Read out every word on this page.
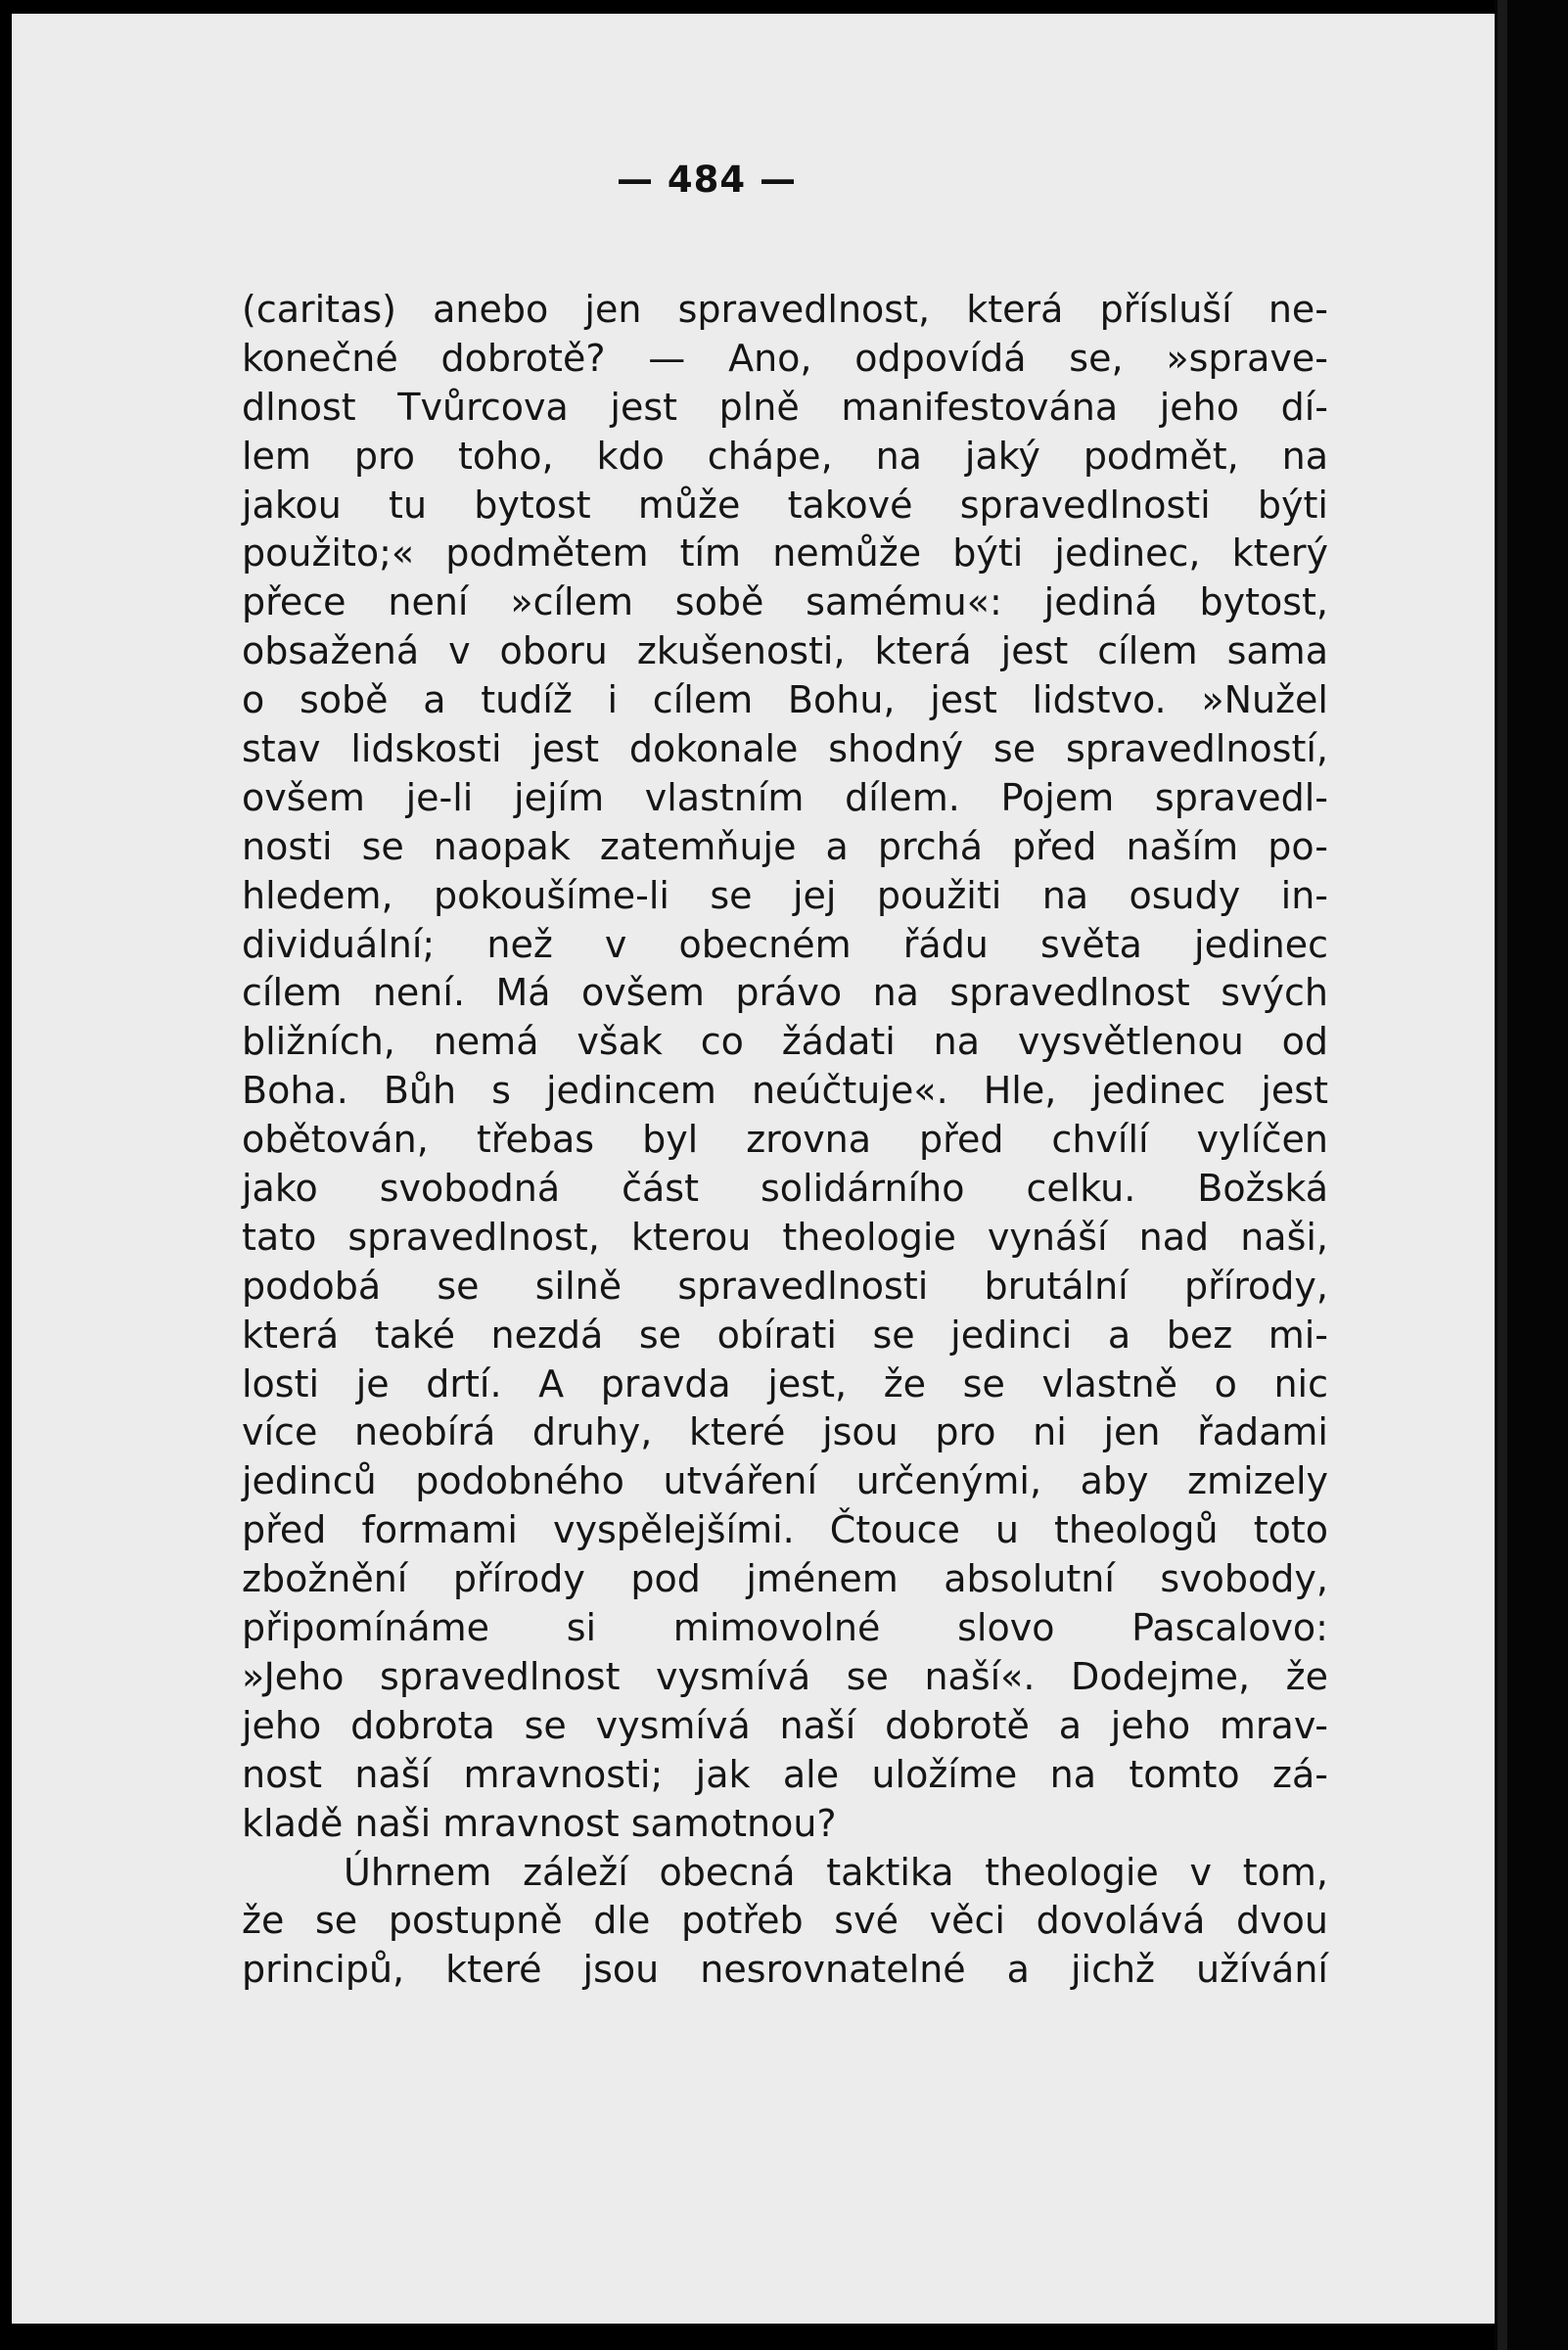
— 484 —
(caritas) anebo jen spravedlnost, která přísluší ne-
konečné dobrotě? — Ano, odpovídá se, »sprave-
dlnost Tvůrcova jest plně manifestována jeho dí-
lem pro toho, kdo chápe, na jaký podmět, na
jakou tu bytost může takové spravedlnosti býti
použito;« podmětem tím nemůže býti jedinec, který
přece není »cílem sobě samému«: jediná bytost,
obsažená v oboru zkušenosti, která jest cílem sama
o sobě a tudíž i cílem Bohu, jest lidstvo. »Nužel
stav lidskosti jest dokonale shodný se spravedlností,
ovšem je-li jejím vlastním dílem. Pojem spravedl-
nosti se naopak zatemňuje a prchá před naším po-
hledem, pokoušíme-li se jej použiti na osudy in-
dividuální; než v obecném řádu světa jedinec
cílem není. Má ovšem právo na spravedlnost svých
bližních, nemá však co žádati na vysvětlenou od
Boha. Bůh s jedincem neúčtuje«. Hle, jedinec jest
obětován, třebas byl zrovna před chvílí vylíčen
jako svobodná část solidárního celku. Božská
tato spravedlnost, kterou theologie vynáší nad naši,
podobá se silně spravedlnosti brutální přírody,
která také nezdá se obírati se jedinci a bez mi-
losti je drtí. A pravda jest, že se vlastně o nic
více neobírá druhy, které jsou pro ni jen řadami
jedinců podobného utváření určenými, aby zmizely
před formami vyspělejšími. Čtouce u theologů toto
zbožnění přírody pod jménem absolutní svobody,
připomínáme si mimovolné slovo Pascalovo:
»Jeho spravedlnost vysmívá se naší«. Dodejme, že
jeho dobrota se vysmívá naší dobrotě a jeho mrav-
nost naší mravnosti; jak ale uložíme na tomto zá-
kladě naši mravnost samotnou?
Úhrnem záleží obecná taktika theologie v tom,
že se postupně dle potřeb své věci dovolává dvou
principů, které jsou nesrovnatelné a jichž užívání
